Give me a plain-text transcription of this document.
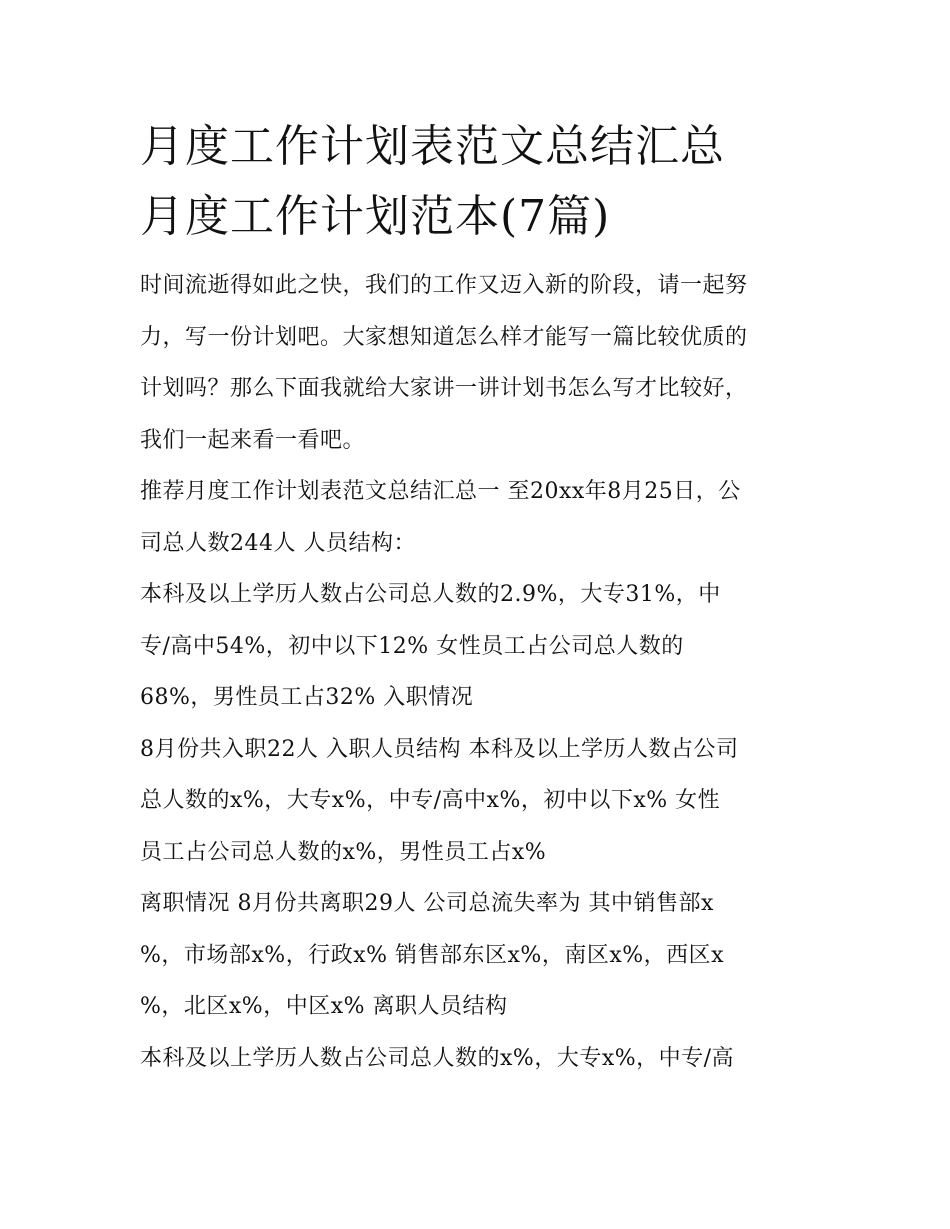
月度工作计划表范文总结汇总
月度工作计划范本(7篇)

时间流逝得如此之快，我们的工作又迈入新的阶段，请一起努
力，写一份计划吧。大家想知道怎么样才能写一篇比较优质的
计划吗？那么下面我就给大家讲一讲计划书怎么写才比较好，
我们一起来看一看吧。

推荐月度工作计划表范文总结汇总一 至20xx年8月25日，公
司总人数244人 人员结构：

本科及以上学历人数占公司总人数的2.9%，大专31%，中
专/高中54%，初中以下12% 女性员工占公司总人数的
68%，男性员工占32% 入职情况

8月份共入职22人 入职人员结构 本科及以上学历人数占公司
总人数的x%，大专x%，中专/高中x%，初中以下x% 女性
员工占公司总人数的x%，男性员工占x%

离职情况 8月份共离职29人 公司总流失率为 其中销售部x
%，市场部x%，行政x% 销售部东区x%，南区x%，西区x
%，北区x%，中区x% 离职人员结构

本科及以上学历人数占公司总人数的x%，大专x%，中专/高
